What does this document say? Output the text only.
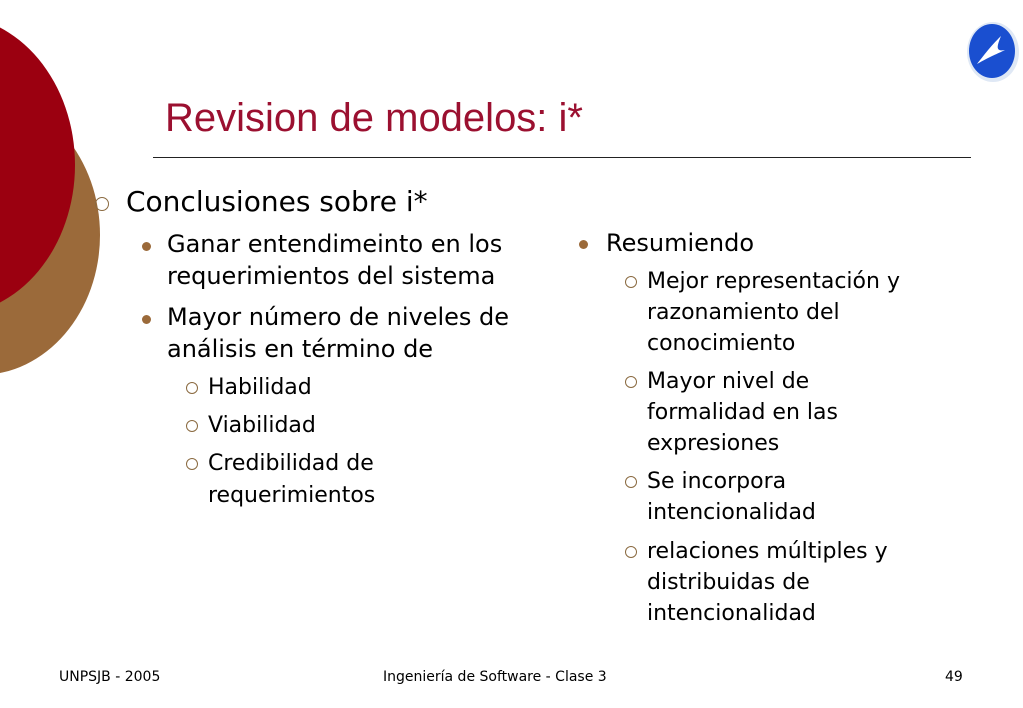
Revision de modelos: i*
Conclusiones sobre i*
Ganar entendimeinto en los
requerimientos del sistema
Mayor número de niveles de
análisis en término de
Habilidad
Viabilidad
Credibilidad de
requerimientos
Resumiendo
Mejor representación y
razonamiento del
conocimiento
Mayor nivel de
formalidad en las
expresiones
Se incorpora
intencionalidad
relaciones múltiples y
distribuidas de
intencionalidad
UNPSJB - 2005	Ingeniería de Software - Clase 3	49
